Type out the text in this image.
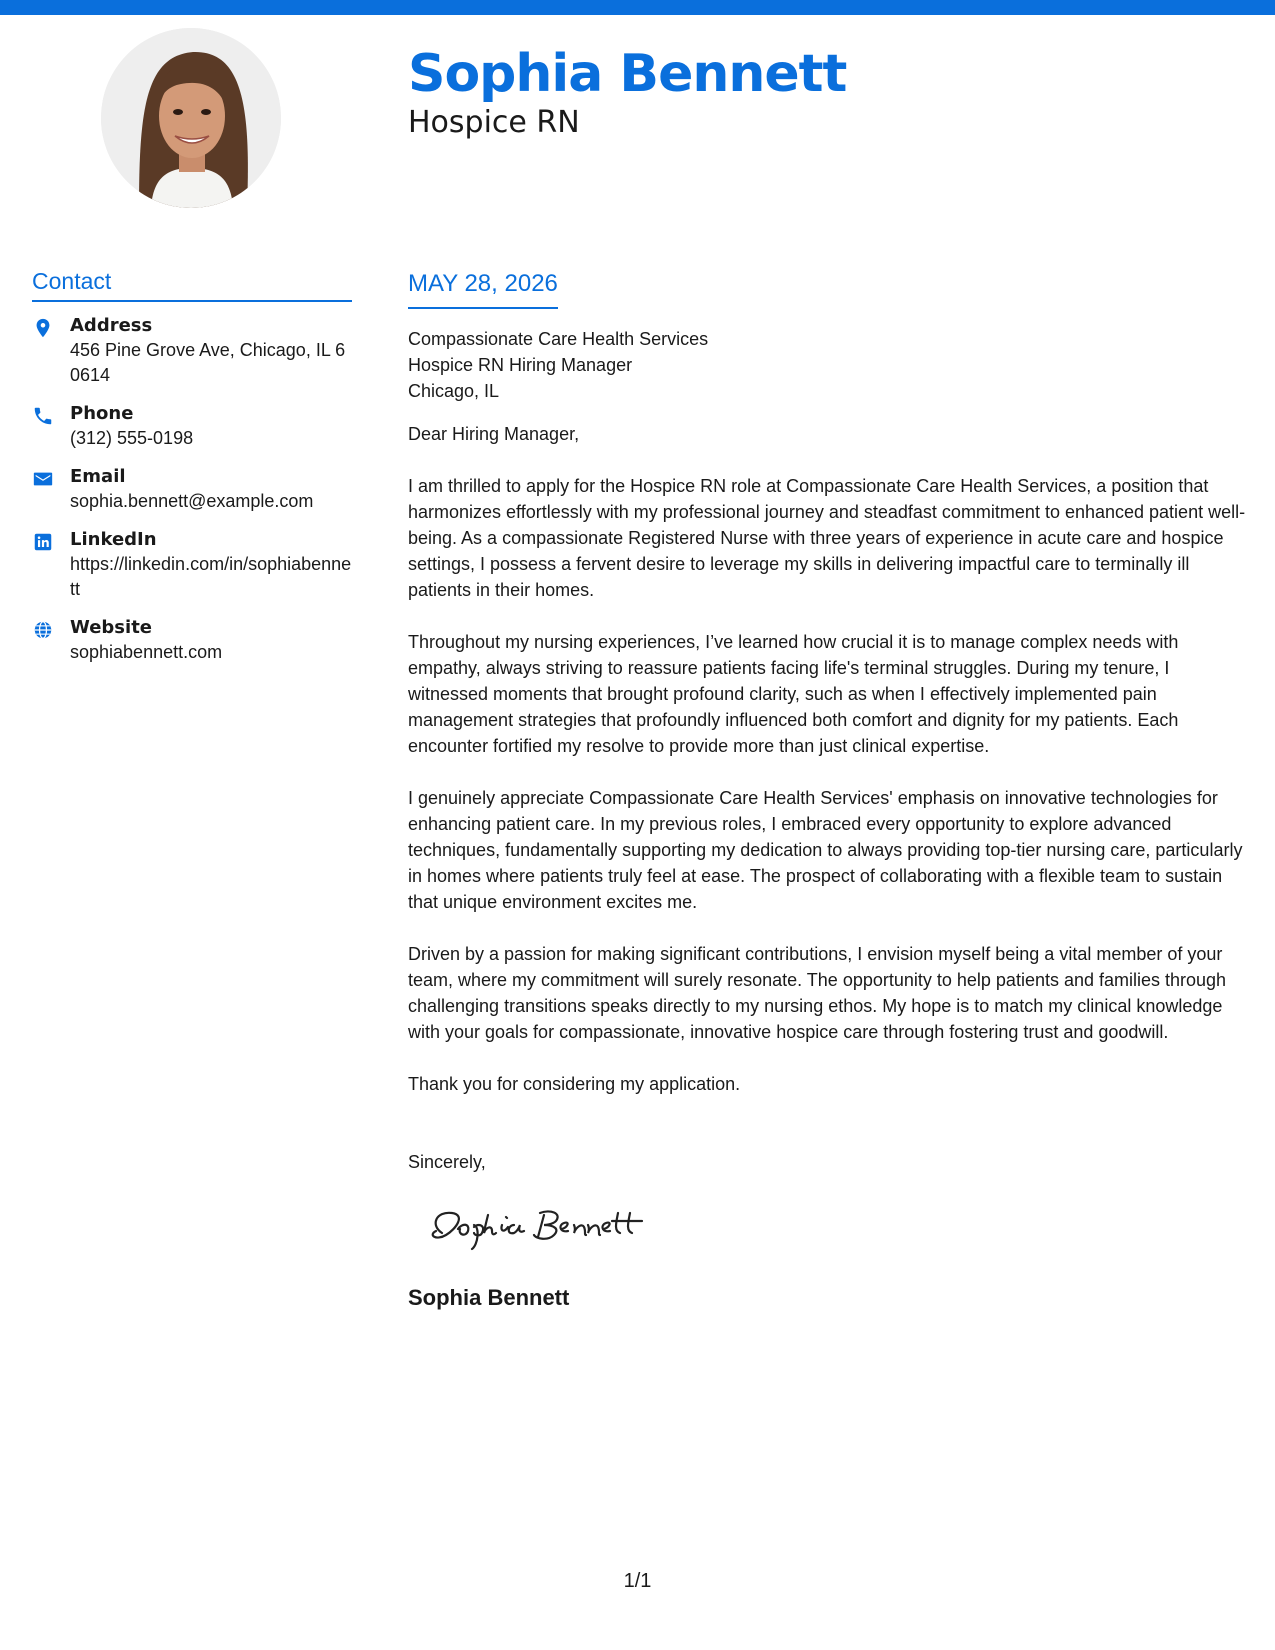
Sophia Bennett
Hospice RN
Contact
Address
456 Pine Grove Ave, Chicago, IL 60614
Phone
(312) 555-0198
Email
sophia.bennett@example.com
LinkedIn
https://linkedin.com/in/sophiabennett
Website
sophiabennett.com
MAY 28, 2026
Compassionate Care Health Services
Hospice RN Hiring Manager
Chicago, IL
Dear Hiring Manager,
I am thrilled to apply for the Hospice RN role at Compassionate Care Health Services, a position that harmonizes effortlessly with my professional journey and steadfast commitment to enhanced patient well-being. As a compassionate Registered Nurse with three years of experience in acute care and hospice settings, I possess a fervent desire to leverage my skills in delivering impactful care to terminally ill patients in their homes.
Throughout my nursing experiences, I’ve learned how crucial it is to manage complex needs with empathy, always striving to reassure patients facing life's terminal struggles. During my tenure, I witnessed moments that brought profound clarity, such as when I effectively implemented pain management strategies that profoundly influenced both comfort and dignity for my patients. Each encounter fortified my resolve to provide more than just clinical expertise.
I genuinely appreciate Compassionate Care Health Services' emphasis on innovative technologies for enhancing patient care. In my previous roles, I embraced every opportunity to explore advanced techniques, fundamentally supporting my dedication to always providing top-tier nursing care, particularly in homes where patients truly feel at ease. The prospect of collaborating with a flexible team to sustain that unique environment excites me.
Driven by a passion for making significant contributions, I envision myself being a vital member of your team, where my commitment will surely resonate. The opportunity to help patients and families through challenging transitions speaks directly to my nursing ethos. My hope is to match my clinical knowledge with your goals for compassionate, innovative hospice care through fostering trust and goodwill.
Thank you for considering my application.
Sincerely,
Sophia Bennett
1/1
